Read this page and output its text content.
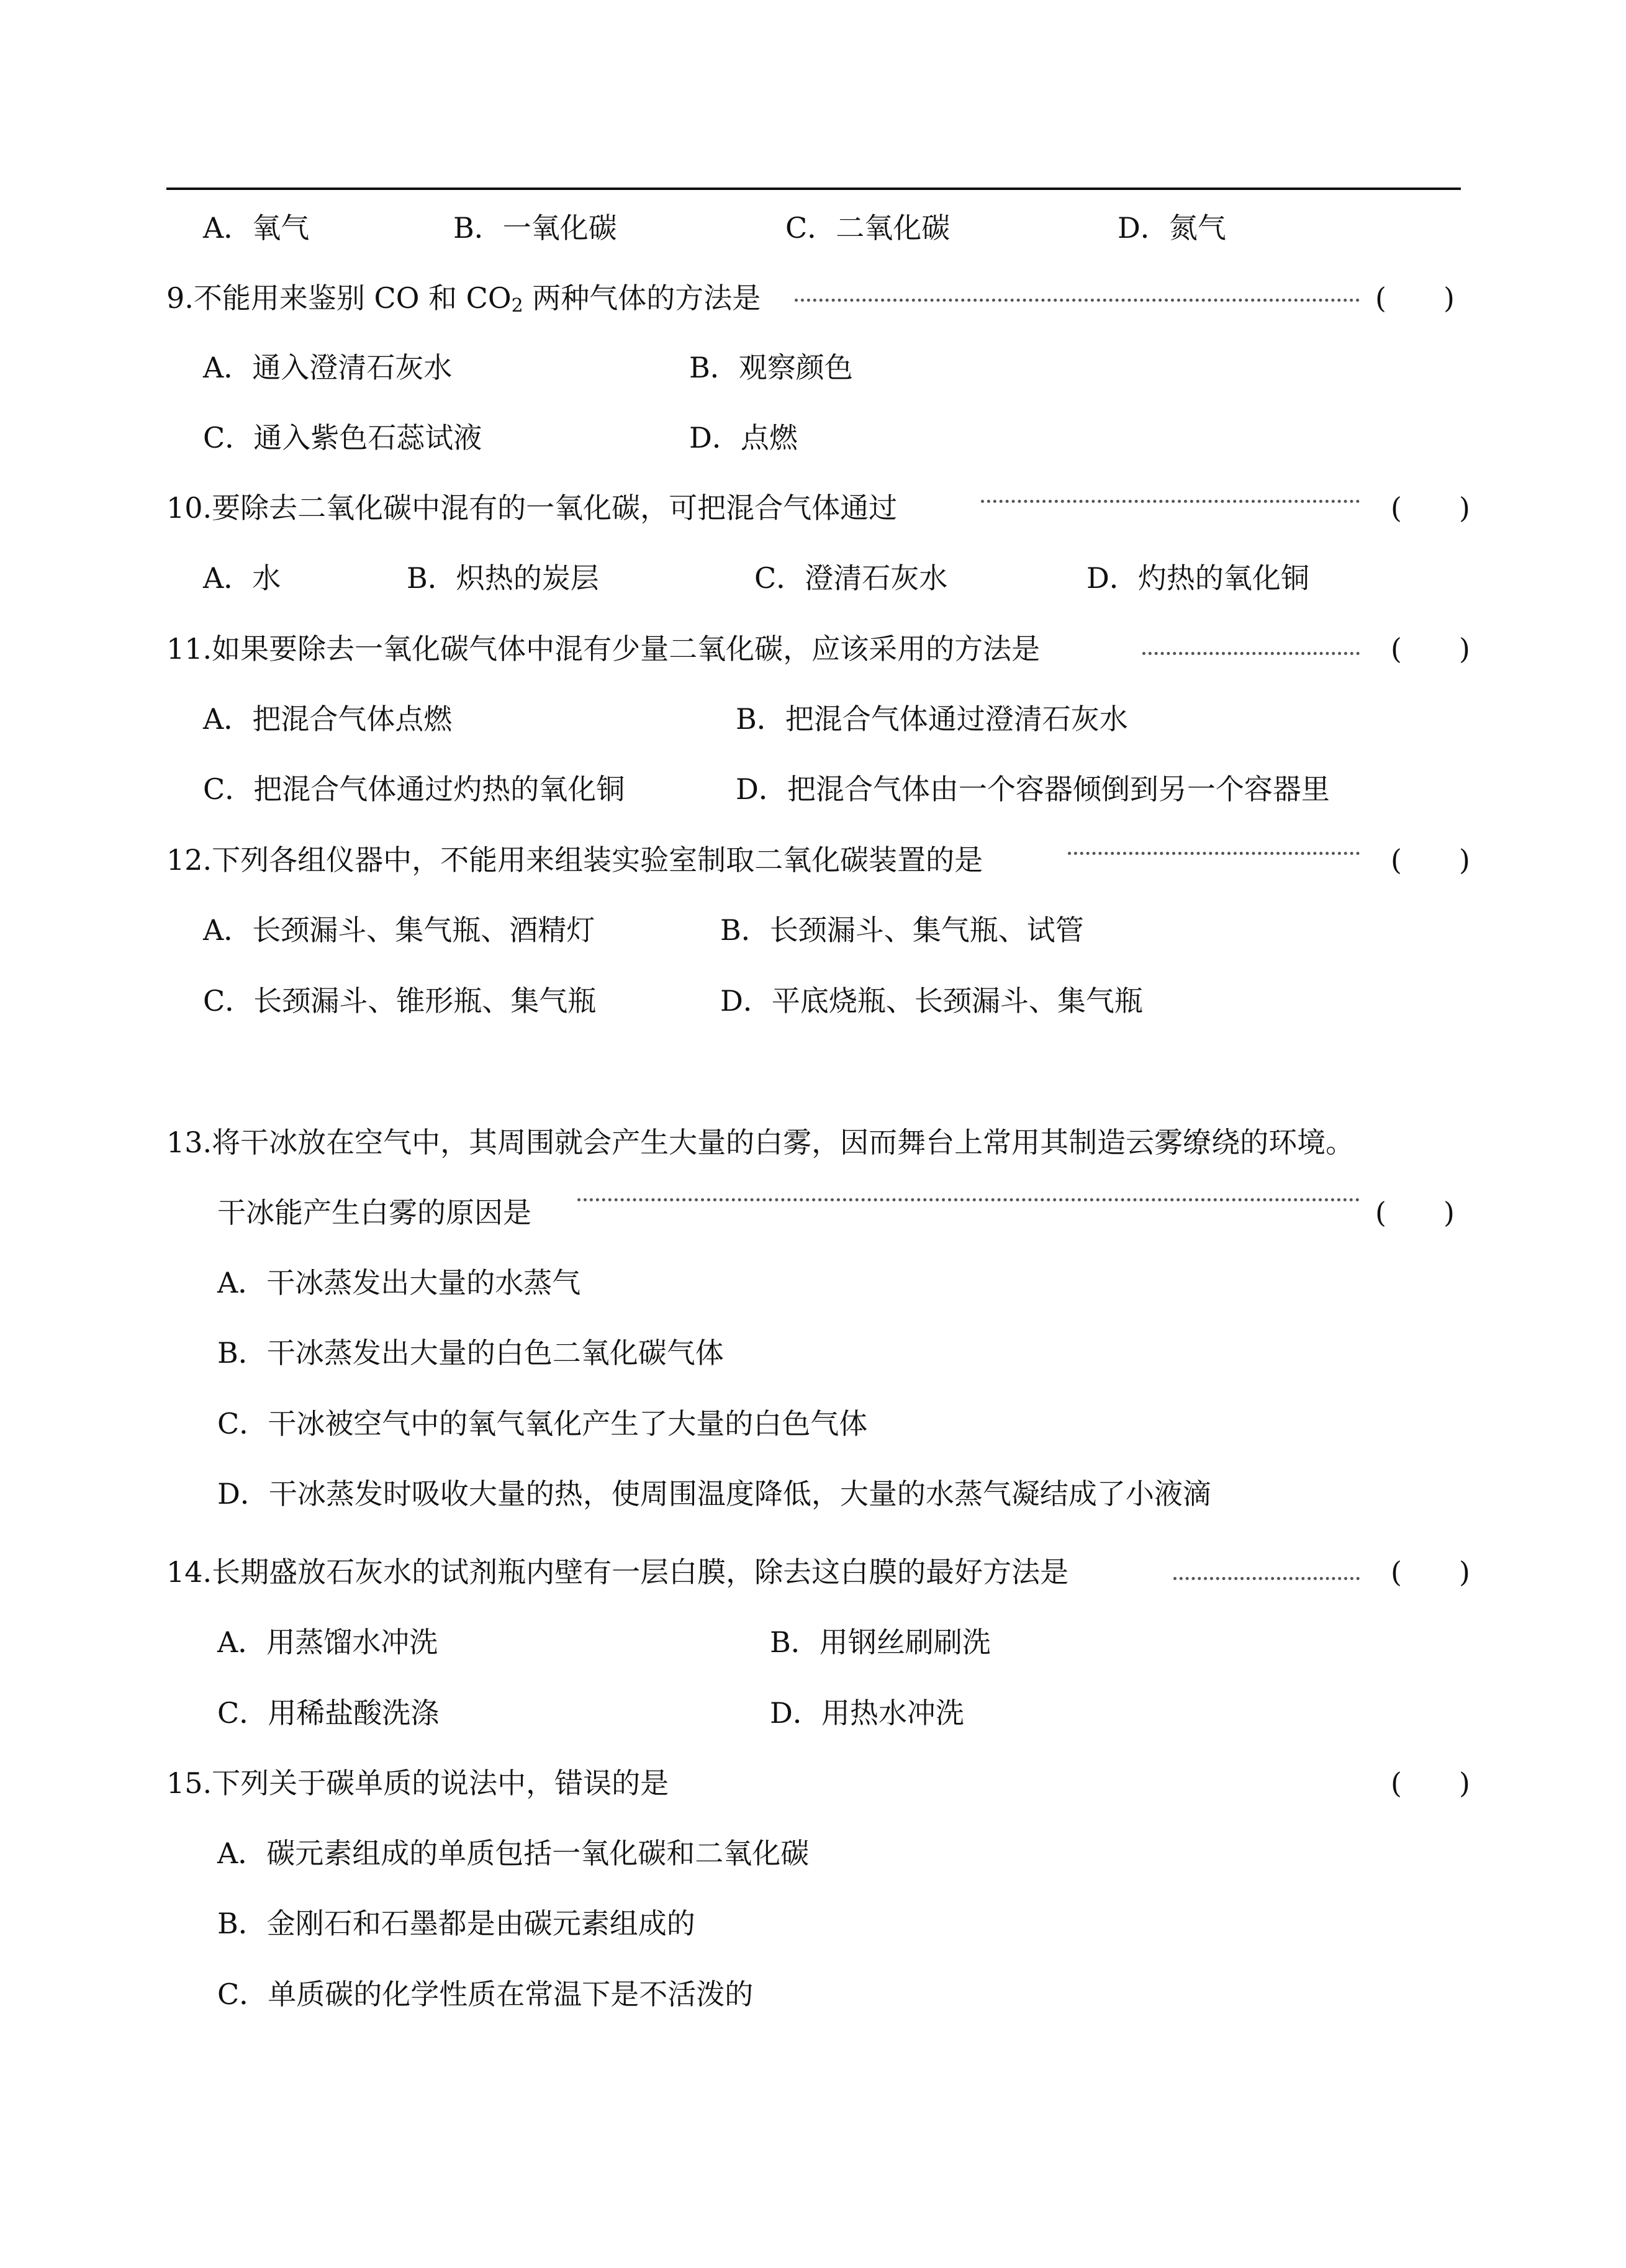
A．氧气	B．一氧化碳	C．二氧化碳	D．氮气
9.不能用来鉴别 CO 和 $CO_2$ 两种气体的方法是	(　　)
A．通入澄清石灰水	B．观察颜色
C．通入紫色石蕊试液	D．点燃
10.要除去二氧化碳中混有的一氧化碳，可把混合气体通过	(　　)
A．水	B．炽热的炭层	C．澄清石灰水	D．灼热的氧化铜
11.如果要除去一氧化碳气体中混有少量二氧化碳，应该采用的方法是	(　　)
A．把混合气体点燃	B．把混合气体通过澄清石灰水
C．把混合气体通过灼热的氧化铜	D．把混合气体由一个容器倾倒到另一个容器里
12.下列各组仪器中，不能用来组装实验室制取二氧化碳装置的是	(　　)
A．长颈漏斗、集气瓶、酒精灯	B．长颈漏斗、集气瓶、试管
C．长颈漏斗、锥形瓶、集气瓶	D．平底烧瓶、长颈漏斗、集气瓶
13.将干冰放在空气中，其周围就会产生大量的白雾，因而舞台上常用其制造云雾缭绕的环境。
干冰能产生白雾的原因是	(　　)
A．干冰蒸发出大量的水蒸气
B．干冰蒸发出大量的白色二氧化碳气体
C．干冰被空气中的氧气氧化产生了大量的白色气体
D．干冰蒸发时吸收大量的热，使周围温度降低，大量的水蒸气凝结成了小液滴
14.长期盛放石灰水的试剂瓶内壁有一层白膜，除去这白膜的最好方法是	(　　)
A．用蒸馏水冲洗	B．用钢丝刷刷洗
C．用稀盐酸洗涤	D．用热水冲洗
15.下列关于碳单质的说法中，错误的是	(　　)
A．碳元素组成的单质包括一氧化碳和二氧化碳
B．金刚石和石墨都是由碳元素组成的
C．单质碳的化学性质在常温下是不活泼的
